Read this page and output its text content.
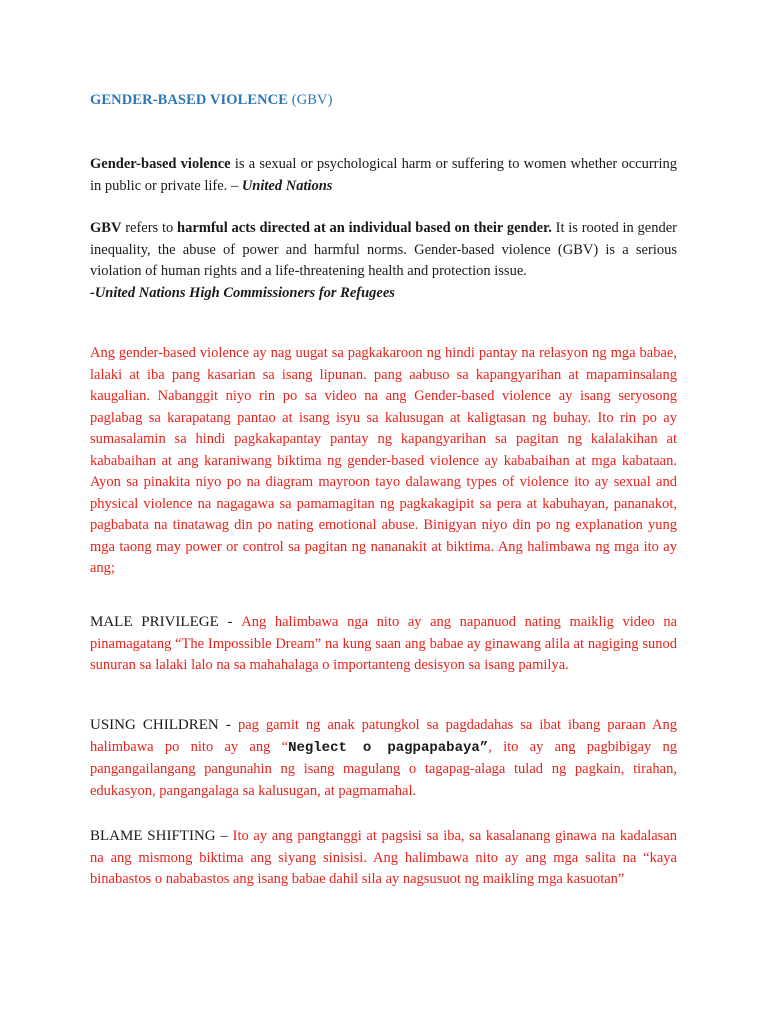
GENDER-BASED VIOLENCE (GBV)
Gender-based violence is a sexual or psychological harm or suffering to women whether occurring in public or private life. – United Nations
GBV refers to harmful acts directed at an individual based on their gender. It is rooted in gender inequality, the abuse of power and harmful norms. Gender-based violence (GBV) is a serious violation of human rights and a life-threatening health and protection issue.
-United Nations High Commissioners for Refugees
Ang gender-based violence ay nag uugat sa pagkakaroon ng hindi pantay na relasyon ng mga babae, lalaki at iba pang kasarian sa isang lipunan. pang aabuso sa kapangyarihan at mapaminsalang kaugalian. Nabanggit niyo rin po sa video na ang Gender-based violence ay isang seryosong paglabag sa karapatang pantao at isang isyu sa kalusugan at kaligtasan ng buhay. Ito rin po ay sumasalamin sa hindi pagkakapantay pantay ng kapangyarihan sa pagitan ng kalalakihan at kababaihan at ang karaniwang biktima ng gender-based violence ay kababaihan at mga kabataan. Ayon sa pinakita niyo po na diagram mayroon tayo dalawang types of violence ito ay sexual and physical violence na nagagawa sa pamamagitan ng pagkakagipit sa pera at kabuhayan, pananakot, pagbabata na tinatawag din po nating emotional abuse. Binigyan niyo din po ng explanation yung mga taong may power or control sa pagitan ng nananakit at biktima. Ang halimbawa ng mga ito ay ang;
MALE PRIVILEGE - Ang halimbawa nga nito ay ang napanuod nating maiklig video na pinamagatang “The Impossible Dream” na kung saan ang babae ay ginawang alila at nagiging sunod sunuran sa lalaki lalo na sa mahahalaga o importanteng desisyon sa isang pamilya.
USING CHILDREN - pag gamit ng anak patungkol sa pagdadahas sa ibat ibang paraan Ang halimbawa po nito ay ang “Neglect o pagpapabaya”, ito ay ang pagbibigay ng pangangailangang pangunahin ng isang magulang o tagapag-alaga tulad ng pagkain, tirahan, edukasyon, pangangalaga sa kalusugan, at pagmamahal.
BLAME SHIFTING – Ito ay ang pangtanggi at pagsisi sa iba, sa kasalanang ginawa na kadalasan na ang mismong biktima ang siyang sinisisi. Ang halimbawa nito ay ang mga salita na “kaya binabastos o nababastos ang isang babae dahil sila ay nagsusuot ng maikling mga kasuotan”
